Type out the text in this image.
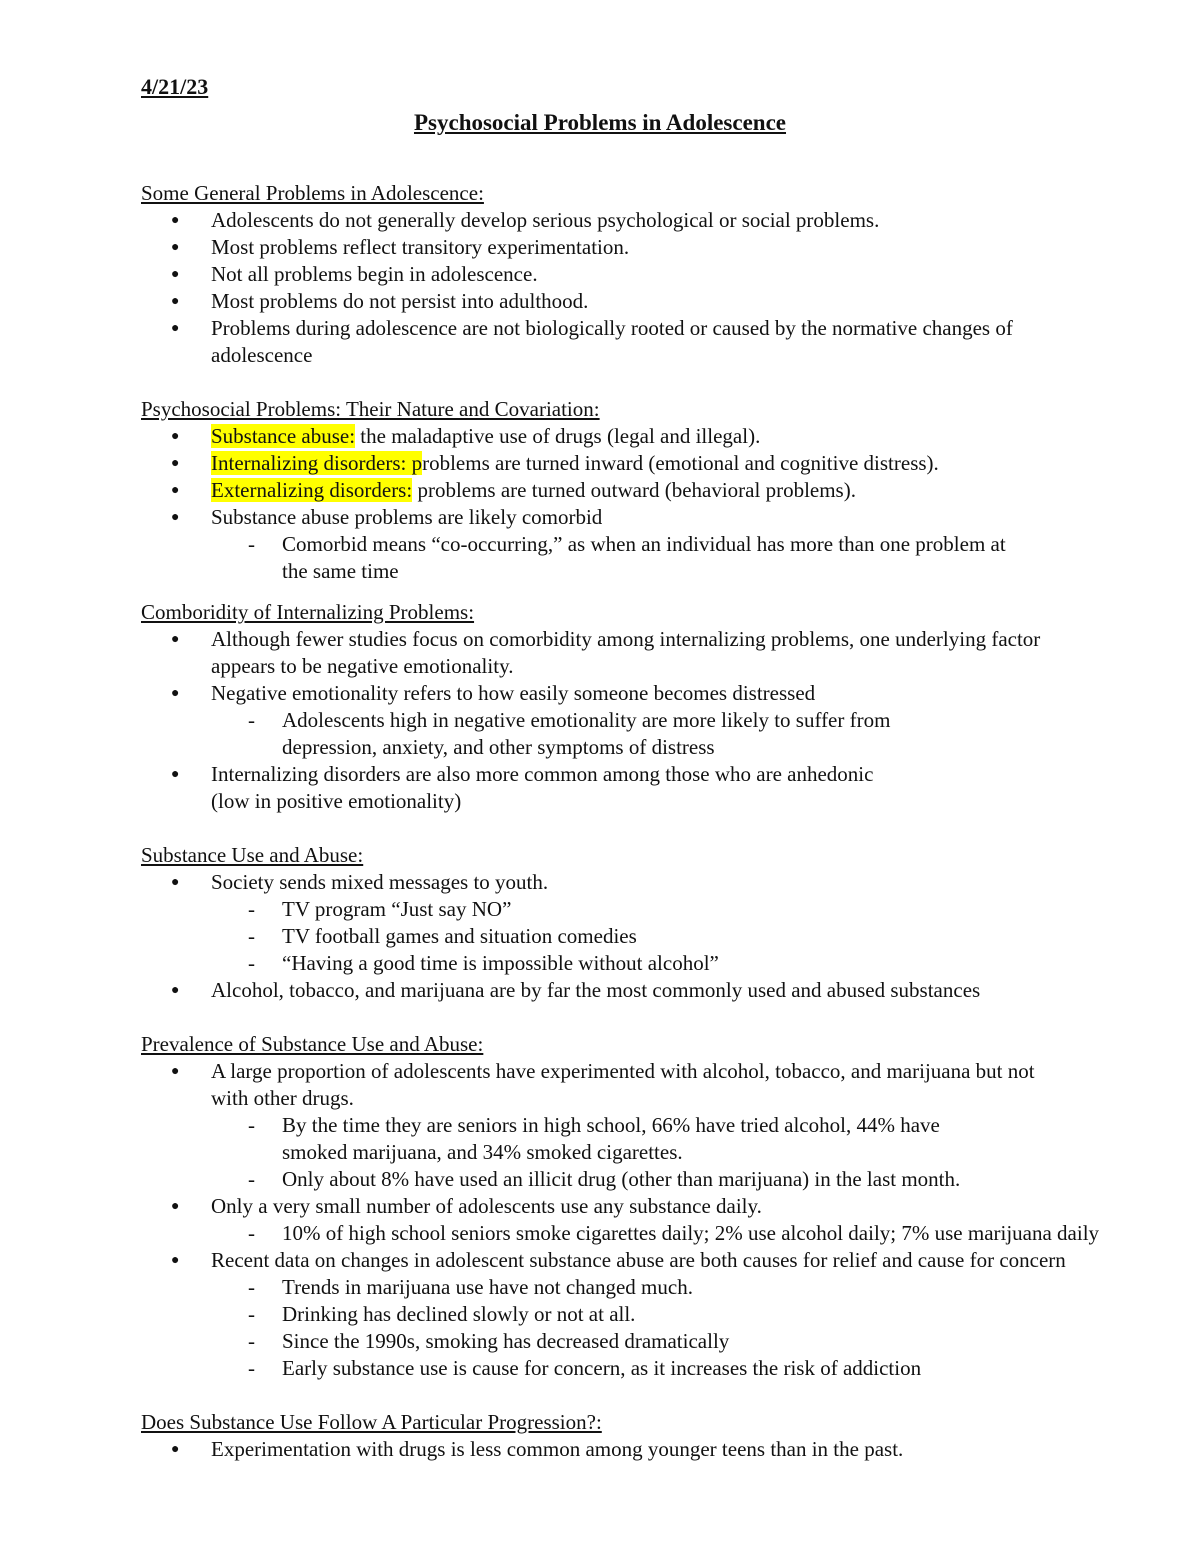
4/21/23
Psychosocial Problems in Adolescence
Some General Problems in Adolescence:
● Adolescents do not generally develop serious psychological or social problems.
● Most problems reflect transitory experimentation.
● Not all problems begin in adolescence.
● Most problems do not persist into adulthood.
● Problems during adolescence are not biologically rooted or caused by the normative changes of
adolescence
Psychosocial Problems: Their Nature and Covariation:
● Substance abuse: the maladaptive use of drugs (legal and illegal).
● Internalizing disorders: problems are turned inward (emotional and cognitive distress).
● Externalizing disorders: problems are turned outward (behavioral problems).
● Substance abuse problems are likely comorbid
- Comorbid means “co-occurring,” as when an individual has more than one problem at
the same time
Comboridity of Internalizing Problems:
● Although fewer studies focus on comorbidity among internalizing problems, one underlying factor
appears to be negative emotionality.
● Negative emotionality refers to how easily someone becomes distressed
- Adolescents high in negative emotionality are more likely to suffer from
depression, anxiety, and other symptoms of distress
● Internalizing disorders are also more common among those who are anhedonic
(low in positive emotionality)
Substance Use and Abuse:
● Society sends mixed messages to youth.
- TV program “Just say NO”
- TV football games and situation comedies
- “Having a good time is impossible without alcohol”
● Alcohol, tobacco, and marijuana are by far the most commonly used and abused substances
Prevalence of Substance Use and Abuse:
● A large proportion of adolescents have experimented with alcohol, tobacco, and marijuana but not
with other drugs.
- By the time they are seniors in high school, 66% have tried alcohol, 44% have
smoked marijuana, and 34% smoked cigarettes.
- Only about 8% have used an illicit drug (other than marijuana) in the last month.
● Only a very small number of adolescents use any substance daily.
- 10% of high school seniors smoke cigarettes daily; 2% use alcohol daily; 7% use marijuana daily
● Recent data on changes in adolescent substance abuse are both causes for relief and cause for concern
- Trends in marijuana use have not changed much.
- Drinking has declined slowly or not at all.
- Since the 1990s, smoking has decreased dramatically
- Early substance use is cause for concern, as it increases the risk of addiction
Does Substance Use Follow A Particular Progression?:
● Experimentation with drugs is less common among younger teens than in the past.
